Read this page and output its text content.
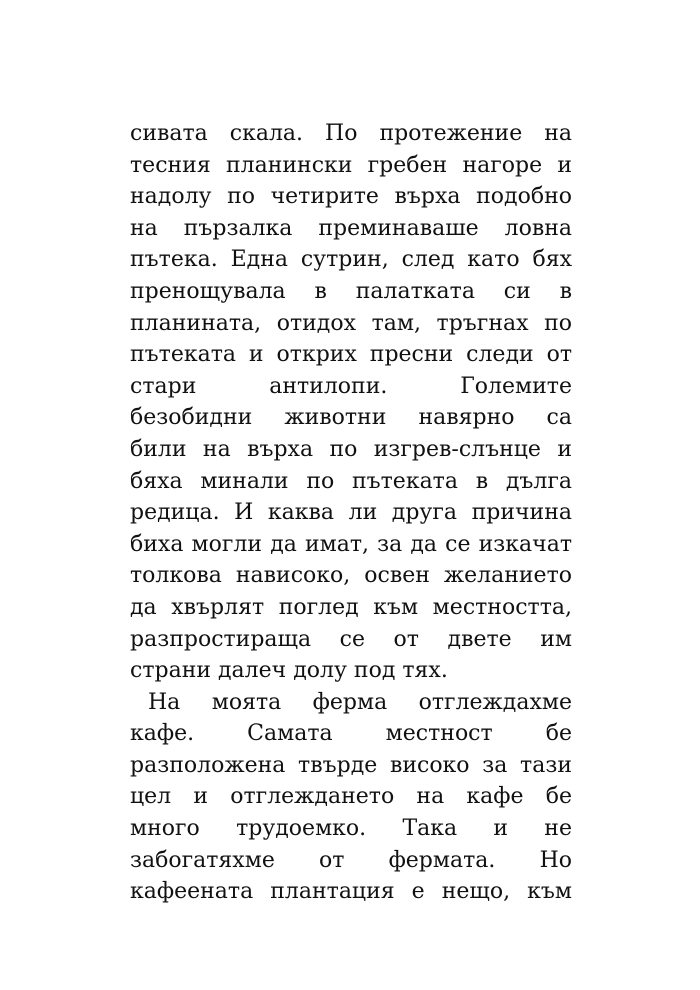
сивата скала. По протежение на
тесния планински гребен нагоре и
надолу по четирите върха подобно
на пързалка преминаваше ловна
пътека. Една сутрин, след като бях
пренощувала в палатката си в
планината, отидох там, тръгнах по
пътеката и открих пресни следи от
стари антилопи. Големите
безобидни животни навярно са
били на върха по изгрев-слънце и
бяха минали по пътеката в дълга
редица. И каква ли друга причина
биха могли да имат, за да се изкачат
толкова нависоко, освен желанието
да хвърлят поглед към местността,
разпростираща се от двете им
страни далеч долу под тях.
На моята ферма отглеждахме
кафе. Самата местност бе
разположена твърде високо за тази
цел и отглеждането на кафе бе
много трудоемко. Така и не
забогатяхме от фермата. Но
кафеената плантация е нещо, към
